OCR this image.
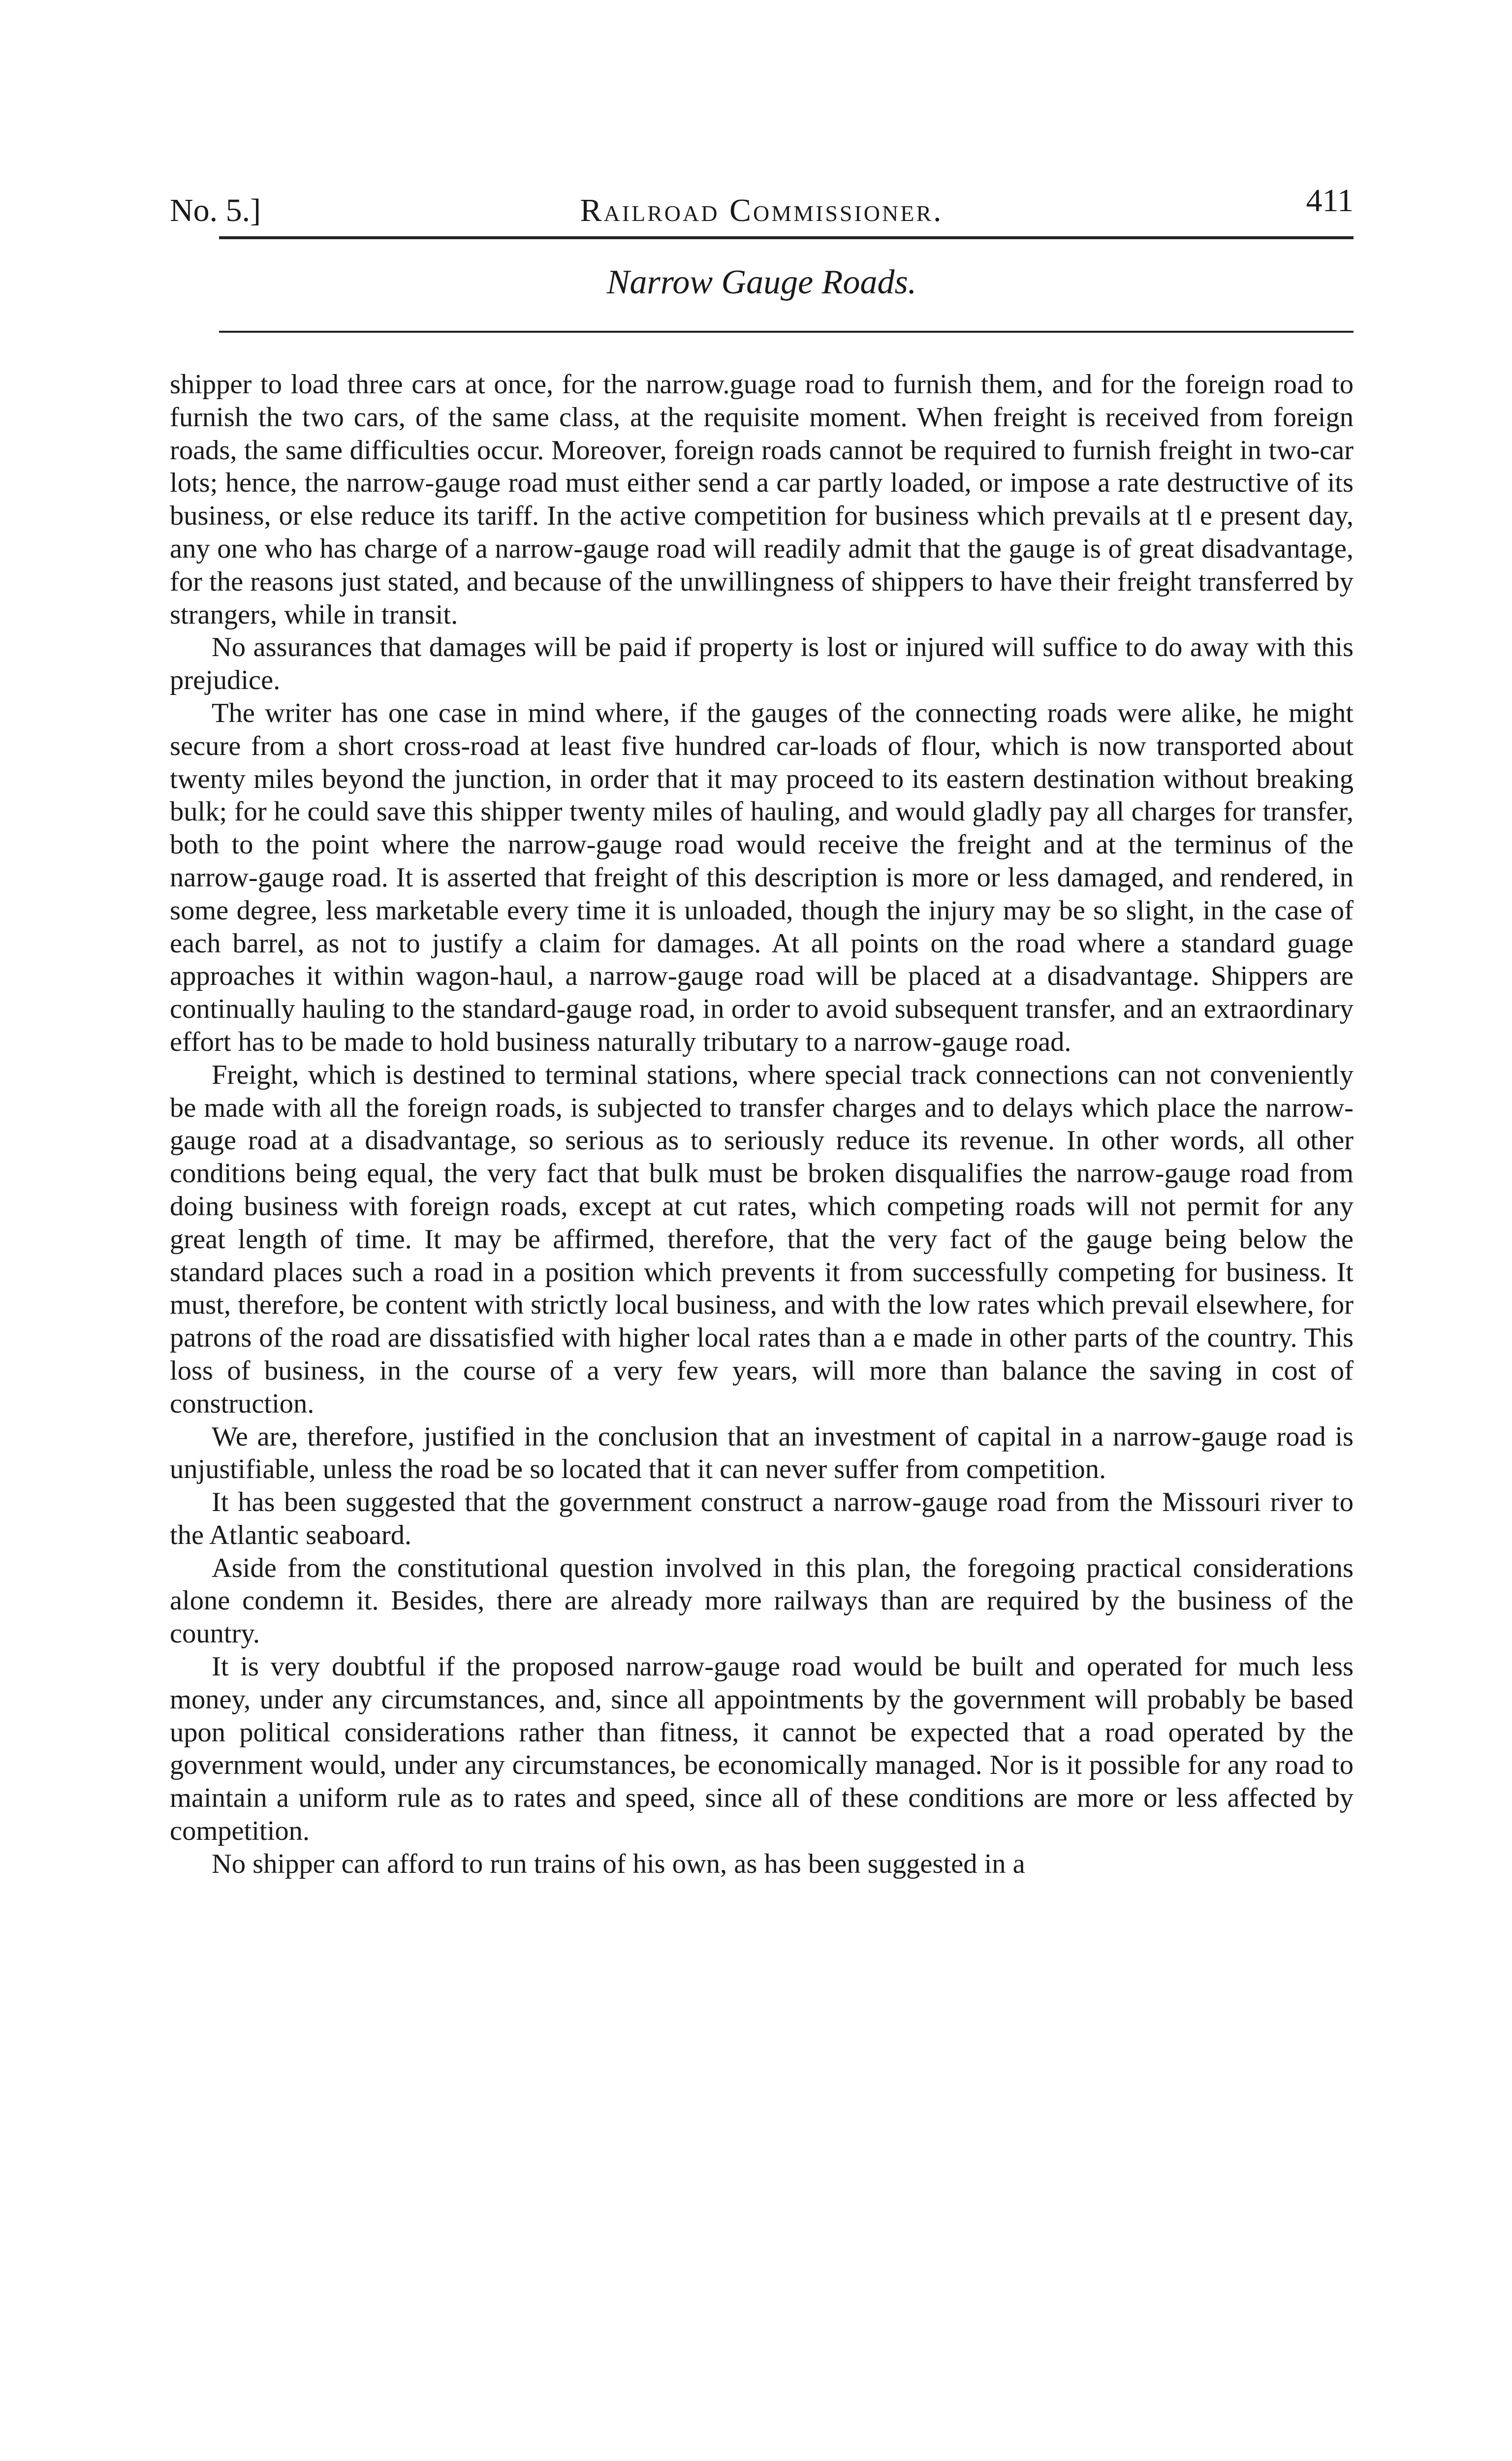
No. 5.]	Railroad Commissioner.	411
Narrow Gauge Roads.

shipper to load three cars at once, for the narrow.guage road to furnish them, and for the foreign road to furnish the two cars, of the same class, at the requisite moment. When freight is received from foreign roads, the same difficulties occur. Moreover, foreign roads cannot be required to furnish freight in two-car lots; hence, the narrow-gauge road must either send a car partly loaded, or impose a rate destructive of its business, or else reduce its tariff. In the active competition for business which prevails at tl e present day, any one who has charge of a narrow-gauge road will readily admit that the gauge is of great disadvantage, for the reasons just stated, and because of the unwillingness of shippers to have their freight transferred by strangers, while in transit.

No assurances that damages will be paid if property is lost or injured will suffice to do away with this prejudice.

The writer has one case in mind where, if the gauges of the connecting roads were alike, he might secure from a short cross-road at least five hundred car-loads of flour, which is now transported about twenty miles beyond the junction, in order that it may proceed to its eastern destination without breaking bulk; for he could save this shipper twenty miles of hauling, and would gladly pay all charges for transfer, both to the point where the narrow-gauge road would receive the freight and at the terminus of the narrow-gauge road. It is asserted that freight of this description is more or less damaged, and rendered, in some degree, less marketable every time it is unloaded, though the injury may be so slight, in the case of each barrel, as not to justify a claim for damages. At all points on the road where a standard guage approaches it within wagon-haul, a narrow-gauge road will be placed at a disadvantage. Shippers are continually hauling to the standard-gauge road, in order to avoid subsequent transfer, and an extraordinary effort has to be made to hold business naturally tributary to a narrow-gauge road.

Freight, which is destined to terminal stations, where special track connections can not conveniently be made with all the foreign roads, is subjected to transfer charges and to delays which place the narrow-gauge road at a disadvantage, so serious as to seriously reduce its revenue. In other words, all other conditions being equal, the very fact that bulk must be broken disqualifies the narrow-gauge road from doing business with foreign roads, except at cut rates, which competing roads will not permit for any great length of time. It may be affirmed, therefore, that the very fact of the gauge being below the standard places such a road in a position which prevents it from successfully competing for business. It must, therefore, be content with strictly local business, and with the low rates which prevail elsewhere, for patrons of the road are dissatisfied with higher local rates than a e made in other parts of the country. This loss of business, in the course of a very few years, will more than balance the saving in cost of construction.

We are, therefore, justified in the conclusion that an investment of capital in a narrow-gauge road is unjustifiable, unless the road be so located that it can never suffer from competition.

It has been suggested that the government construct a narrow-gauge road from the Missouri river to the Atlantic seaboard.

Aside from the constitutional question involved in this plan, the foregoing practical considerations alone condemn it. Besides, there are already more railways than are required by the business of the country.

It is very doubtful if the proposed narrow-gauge road would be built and operated for much less money, under any circumstances, and, since all appointments by the government will probably be based upon political considerations rather than fitness, it cannot be expected that a road operated by the government would, under any circumstances, be economically managed. Nor is it possible for any road to maintain a uniform rule as to rates and speed, since all of these conditions are more or less affected by competition.

No shipper can afford to run trains of his own, as has been suggested in a
